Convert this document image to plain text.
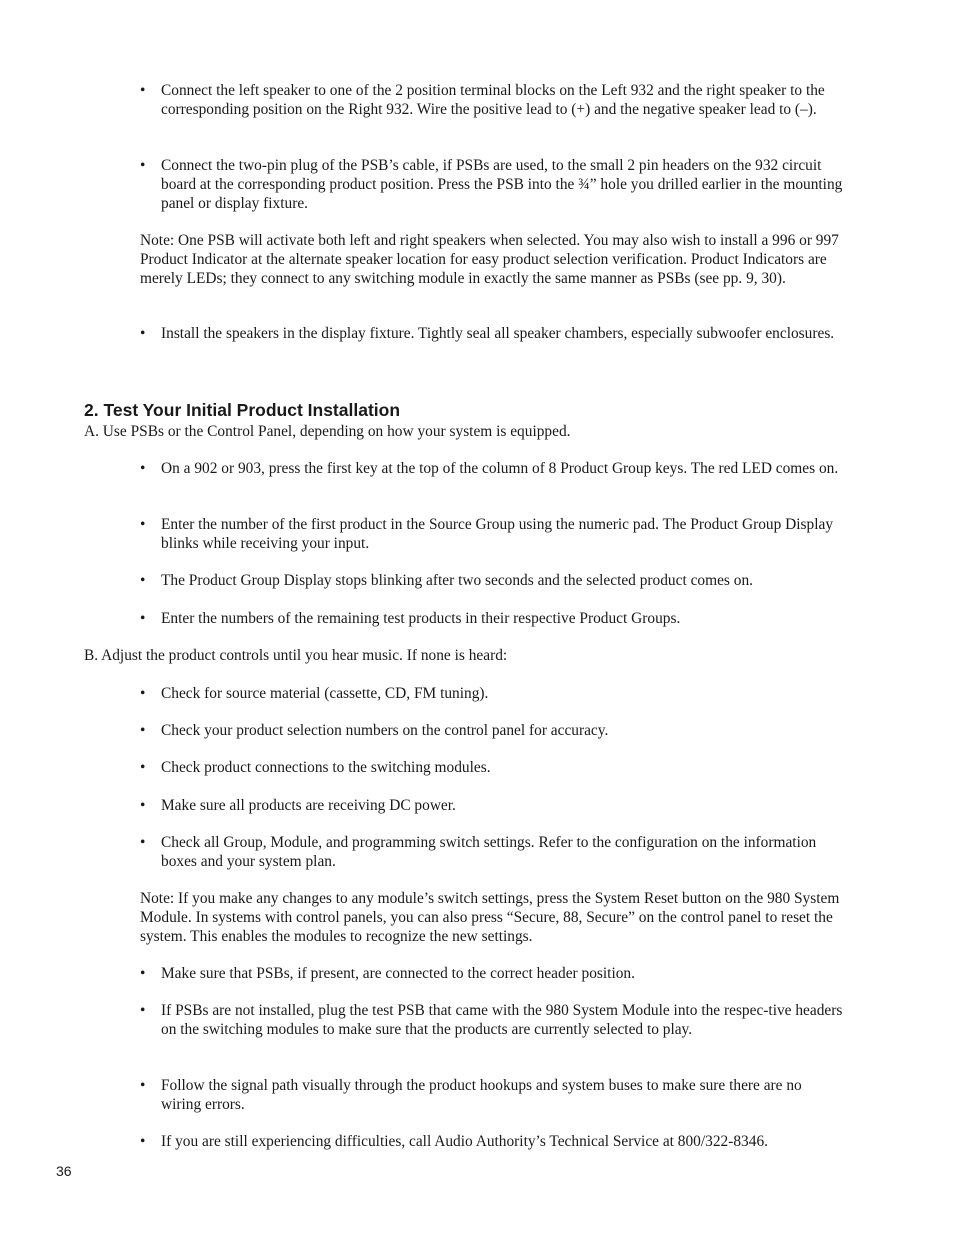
• Connect the left speaker to one of the 2 position terminal blocks on the Left 932 and the right speaker to the corresponding position on the Right 932. Wire the positive lead to (+) and the negative speaker lead to (–).
• Connect the two-pin plug of the PSB’s cable, if PSBs are used, to the small 2 pin headers on the 932 circuit board at the corresponding product position. Press the PSB into the ¾” hole you drilled earlier in the mounting panel or display fixture.
Note: One PSB will activate both left and right speakers when selected. You may also wish to install a 996 or 997 Product Indicator at the alternate speaker location for easy product selection verification. Product Indicators are merely LEDs; they connect to any switching module in exactly the same manner as PSBs (see pp. 9, 30).
• Install the speakers in the display fixture. Tightly seal all speaker chambers, especially subwoofer enclosures.
2. Test Your Initial Product Installation
A. Use PSBs or the Control Panel, depending on how your system is equipped.
• On a 902 or 903, press the first key at the top of the column of 8 Product Group keys. The red LED comes on.
• Enter the number of the first product in the Source Group using the numeric pad. The Product Group Display blinks while receiving your input.
• The Product Group Display stops blinking after two seconds and the selected product comes on.
• Enter the numbers of the remaining test products in their respective Product Groups.
B. Adjust the product controls until you hear music. If none is heard:
• Check for source material (cassette, CD, FM tuning).
• Check your product selection numbers on the control panel for accuracy.
• Check product connections to the switching modules.
• Make sure all products are receiving DC power.
• Check all Group, Module, and programming switch settings. Refer to the configuration on the information boxes and your system plan.
Note: If you make any changes to any module’s switch settings, press the System Reset button on the 980 System Module. In systems with control panels, you can also press “Secure, 88, Secure” on the control panel to reset the system. This enables the modules to recognize the new settings.
• Make sure that PSBs, if present, are connected to the correct header position.
• If PSBs are not installed, plug the test PSB that came with the 980 System Module into the respec-tive headers on the switching modules to make sure that the products are currently selected to play.
• Follow the signal path visually through the product hookups and system buses to make sure there are no wiring errors.
• If you are still experiencing difficulties, call Audio Authority’s Technical Service at 800/322-8346.
36
